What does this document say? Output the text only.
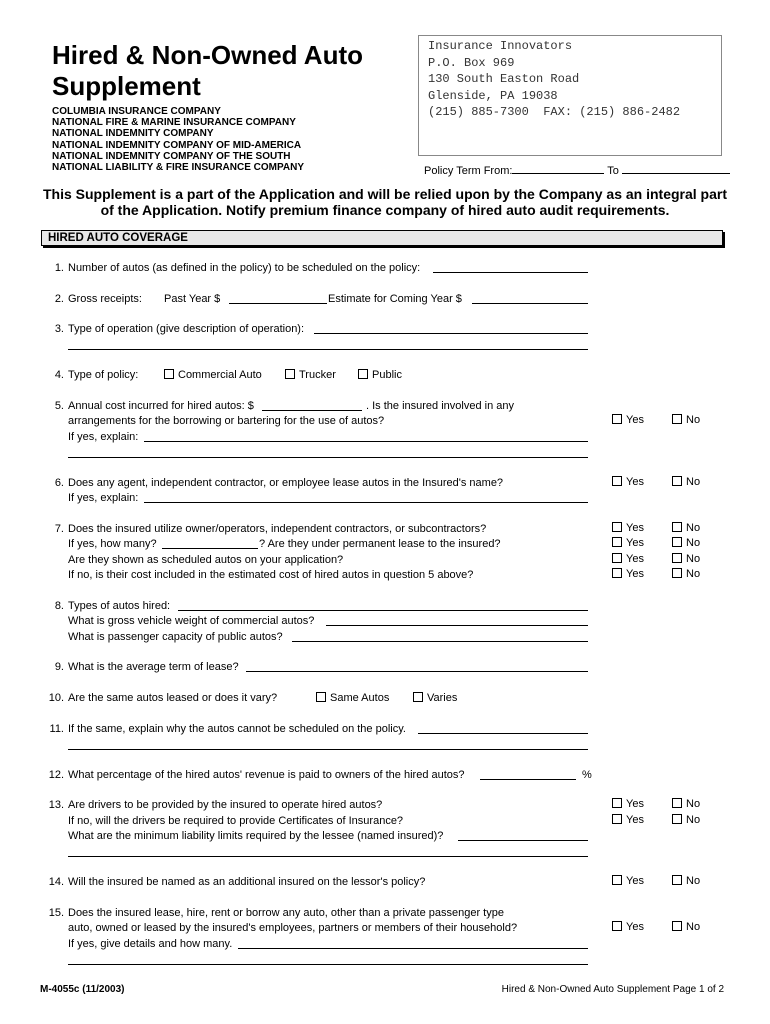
Hired & Non-Owned Auto
Supplement
COLUMBIA INSURANCE COMPANY
NATIONAL FIRE & MARINE INSURANCE COMPANY
NATIONAL INDEMNITY COMPANY
NATIONAL INDEMNITY COMPANY OF MID-AMERICA
NATIONAL INDEMNITY COMPANY OF THE SOUTH
NATIONAL LIABILITY & FIRE INSURANCE COMPANY
Insurance Innovators
P.O. Box 969
130 South Easton Road
Glenside, PA 19038
(215) 885-7300  FAX: (215) 886-2482
Policy Term From:	To
This Supplement is a part of the Application and will be relied upon by the Company as an integral part of the Application. Notify premium finance company of hired auto audit requirements.
HIRED AUTO COVERAGE
1. Number of autos (as defined in the policy) to be scheduled on the policy:
2. Gross receipts: Past Year $	Estimate for Coming Year $
3. Type of operation (give description of operation):
4. Type of policy:	Commercial Auto	Trucker	Public
5. Annual cost incurred for hired autos: $	. Is the insured involved in any
arrangements for the borrowing or bartering for the use of autos?
If yes, explain:
Yes	No
6. Does any agent, independent contractor, or employee lease autos in the Insured's name?
If yes, explain:
Yes	No
7. Does the insured utilize owner/operators, independent contractors, or subcontractors?
If yes, how many?	? Are they under permanent lease to the insured?
Are they shown as scheduled autos on your application?
If no, is their cost included in the estimated cost of hired autos in question 5 above?
Yes	No
Yes	No
Yes	No
Yes	No
8. Types of autos hired:
What is gross vehicle weight of commercial autos?
What is passenger capacity of public autos?
9. What is the average term of lease?
10. Are the same autos leased or does it vary?	Same Autos	Varies
11. If the same, explain why the autos cannot be scheduled on the policy.
12. What percentage of the hired autos' revenue is paid to owners of the hired autos?	%
13. Are drivers to be provided by the insured to operate hired autos?
If no, will the drivers be required to provide Certificates of Insurance?
What are the minimum liability limits required by the lessee (named insured)?
Yes	No
Yes	No
14. Will the insured be named as an additional insured on the lessor's policy?	Yes	No
15. Does the insured lease, hire, rent or borrow any auto, other than a private passenger type
auto, owned or leased by the insured's employees, partners or members of their household?
If yes, give details and how many.
Yes	No
M-4055c (11/2003)	Hired & Non-Owned Auto Supplement Page 1 of 2
